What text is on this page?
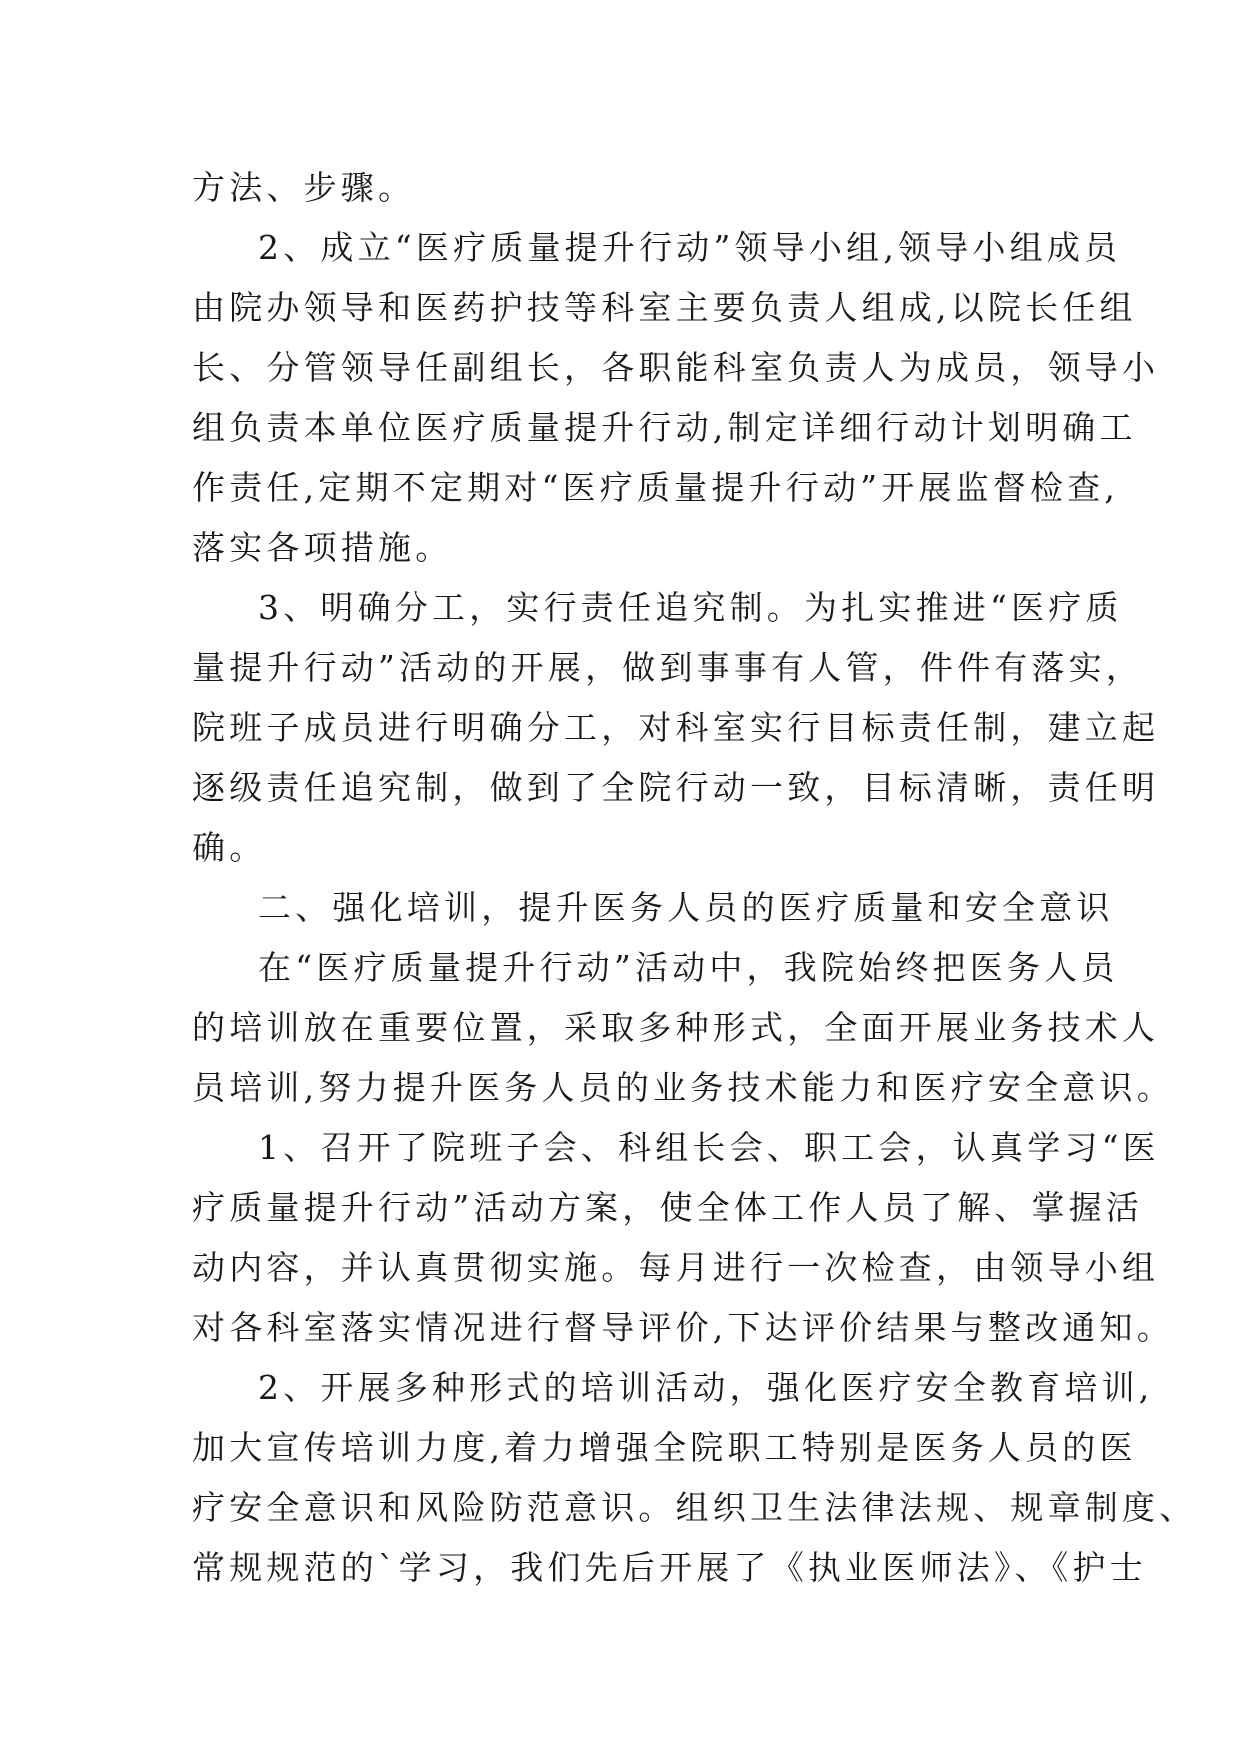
方法、步骤。
2、成立“医疗质量提升行动”领导小组,领导小组成员
由院办领导和医药护技等科室主要负责人组成,以院长任组
长、分管领导任副组长，各职能科室负责人为成员，领导小
组负责本单位医疗质量提升行动,制定详细行动计划明确工
作责任,定期不定期对“医疗质量提升行动”开展监督检查,
落实各项措施。
3、明确分工，实行责任追究制。为扎实推进“医疗质
量提升行动”活动的开展，做到事事有人管，件件有落实，
院班子成员进行明确分工，对科室实行目标责任制，建立起
逐级责任追究制，做到了全院行动一致，目标清晰，责任明
确。
二、强化培训，提升医务人员的医疗质量和安全意识
在“医疗质量提升行动”活动中，我院始终把医务人员
的培训放在重要位置，采取多种形式，全面开展业务技术人
员培训,努力提升医务人员的业务技术能力和医疗安全意识。
1、召开了院班子会、科组长会、职工会，认真学习“医
疗质量提升行动”活动方案，使全体工作人员了解、掌握活
动内容，并认真贯彻实施。每月进行一次检查，由领导小组
对各科室落实情况进行督导评价,下达评价结果与整改通知。
2、开展多种形式的培训活动，强化医疗安全教育培训,
加大宣传培训力度,着力增强全院职工特别是医务人员的医
疗安全意识和风险防范意识。组织卫生法律法规、规章制度、
常规规范的`学习，我们先后开展了《执业医师法》、《护士
